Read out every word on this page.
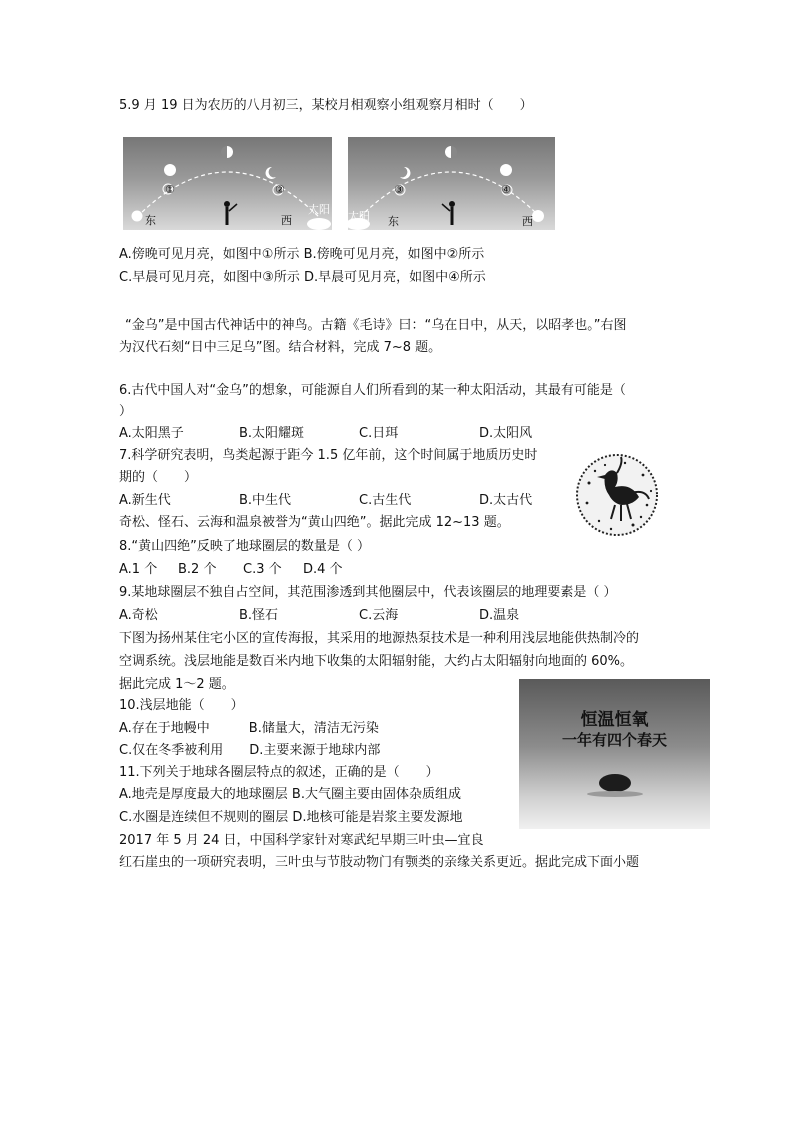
5.9 月 19 日为农历的八月初三，某校月相观察小组观察月相时（　　）
①	②
东	西
太阳
太阳 东
③	④
西
A.傍晚可见月亮，如图中①所示 B.傍晚可见月亮，如图中②所示
C.早晨可见月亮，如图中③所示 D.早晨可见月亮，如图中④所示
“金乌”是中国古代神话中的神鸟。古籍《毛诗》曰：“乌在日中，从天，以昭孝也。”右图
为汉代石刻“日中三足乌”图。结合材料，完成 7~8 题。
6.古代中国人对“金乌”的想象，可能源自人们所看到的某一种太阳活动，其最有可能是（
）
A.太阳黑子	B.太阳耀斑	C.日珥	D.太阳风
7.科学研究表明，鸟类起源于距今 1.5 亿年前，这个时间属于地质历史时
期的（　　）
A.新生代	B.中生代	C.古生代	D.太古代
奇松、怪石、云海和温泉被誉为“黄山四绝”。据此完成 12~13 题。
8.“黄山四绝”反映了地球圈层的数量是（ ）
A.1 个 B.2 个 C.3 个 D.4 个
9.某地球圈层不独自占空间，其范围渗透到其他圈层中，代表该圈层的地理要素是（ ）
A.奇松	B.怪石	C.云海	D.温泉
下图为扬州某住宅小区的宣传海报，其采用的地源热泵技术是一种利用浅层地能供热制冷的
空调系统。浅层地能是数百米内地下收集的太阳辐射能，大约占太阳辐射向地面的 60%。
据此完成 1～2 题。
恒温恒氧
一年有四个春天
10.浅层地能（　　）
A.存在于地幔中　　　B.储量大，清洁无污染
C.仅在冬季被利用　　D.主要来源于地球内部
11.下列关于地球各圈层特点的叙述，正确的是（　　）
A.地壳是厚度最大的地球圈层 B.大气圈主要由固体杂质组成
C.水圈是连续但不规则的圈层 D.地核可能是岩浆主要发源地
2017 年 5 月 24 日，中国科学家针对寒武纪早期三叶虫—宜良
红石崖虫的一项研究表明，三叶虫与节肢动物门有颚类的亲缘关系更近。据此完成下面小题
